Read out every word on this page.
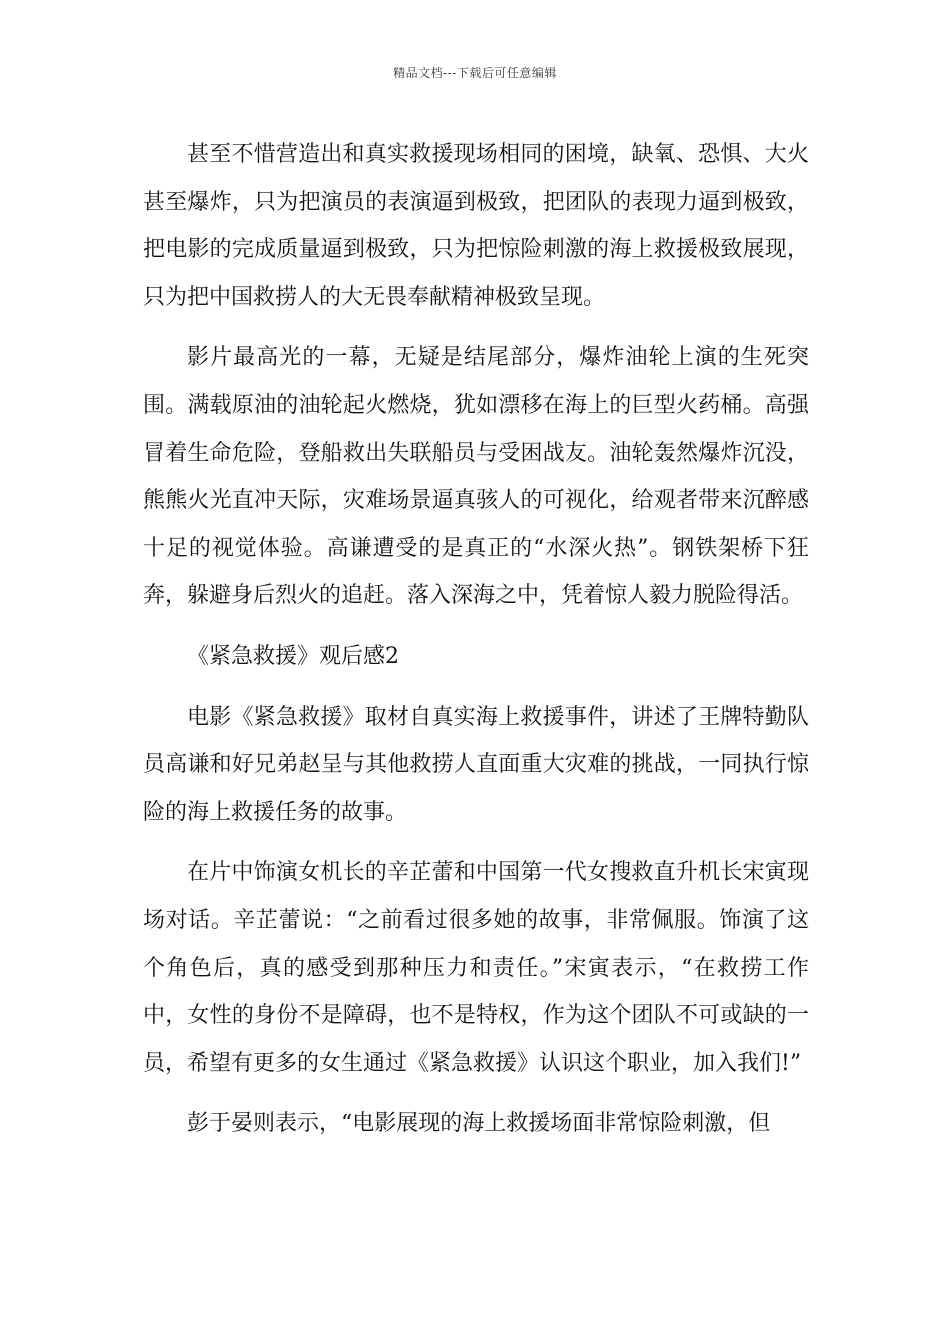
精品文档---下载后可任意编辑

甚至不惜营造出和真实救援现场相同的困境，缺氧、恐惧、大火甚至爆炸，只为把演员的表演逼到极致，把团队的表现力逼到极致，把电影的完成质量逼到极致，只为把惊险刺激的海上救援极致展现，只为把中国救捞人的大无畏奉献精神极致呈现。

影片最高光的一幕，无疑是结尾部分，爆炸油轮上演的生死突围。满载原油的油轮起火燃烧，犹如漂移在海上的巨型火药桶。高强冒着生命危险，登船救出失联船员与受困战友。油轮轰然爆炸沉没，熊熊火光直冲天际，灾难场景逼真骇人的可视化，给观者带来沉醉感十足的视觉体验。高谦遭受的是真正的“水深火热”。钢铁架桥下狂奔，躲避身后烈火的追赶。落入深海之中，凭着惊人毅力脱险得活。

《紧急救援》观后感2

电影《紧急救援》取材自真实海上救援事件，讲述了王牌特勤队员高谦和好兄弟赵呈与其他救捞人直面重大灾难的挑战，一同执行惊险的海上救援任务的故事。

在片中饰演女机长的辛芷蕾和中国第一代女搜救直升机长宋寅现场对话。辛芷蕾说：“之前看过很多她的故事，非常佩服。饰演了这个角色后，真的感受到那种压力和责任。”宋寅表示，“在救捞工作中，女性的身份不是障碍，也不是特权，作为这个团队不可或缺的一员，希望有更多的女生通过《紧急救援》认识这个职业，加入我们!”

彭于晏则表示，“电影展现的海上救援场面非常惊险刺激，但
